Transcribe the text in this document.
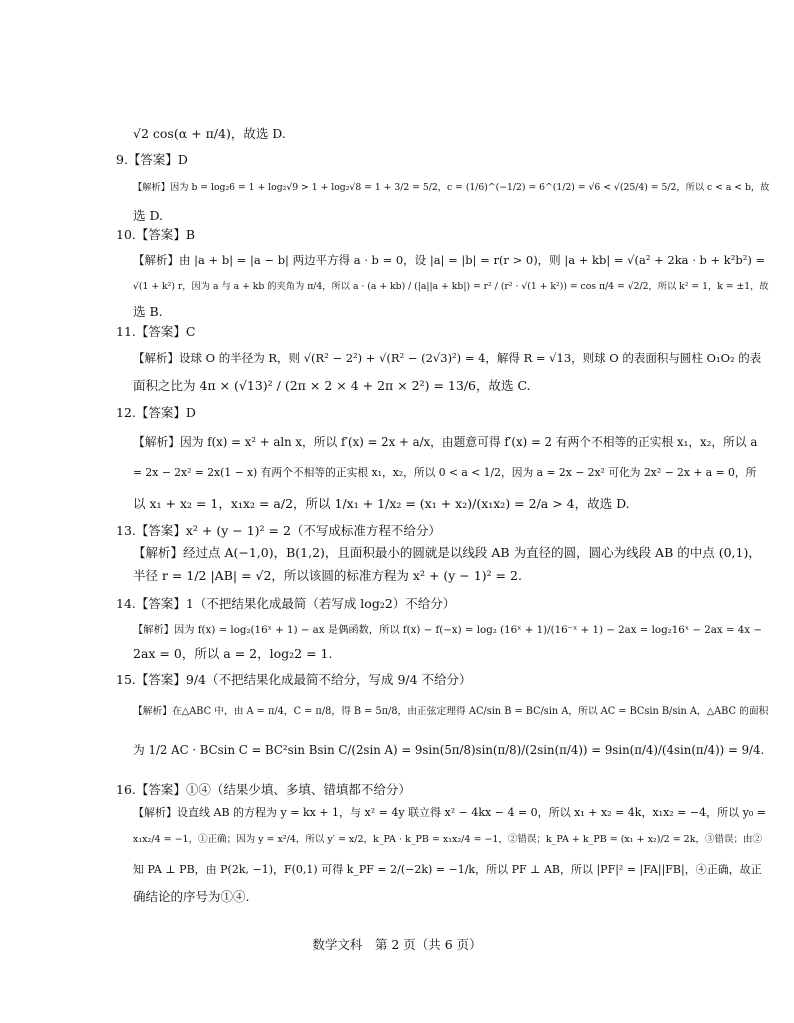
√2 cos(α + π/4)，故选 D.
9.【答案】D
【解析】因为 b = log₂6 = 1 + log₂√9 > 1 + log₂√8 = 1 + 3/2 = 5/2，c = (1/6)^(−1/2) = 6^(1/2) = √6 < √(25/4) = 5/2，所以 c < a < b，故
选 D.
10.【答案】B
【解析】由 |a + b| = |a − b| 两边平方得 a · b = 0，设 |a| = |b| = r(r > 0)，则 |a + kb| = √(a² + 2ka · b + k²b²) =
√(1 + k²) r，因为 a 与 a + kb 的夹角为 π/4，所以 a · (a + kb) / (|a||a + kb|) = r² / (r² · √(1 + k²)) = cos π/4 = √2/2，所以 k² = 1，k = ±1，故
选 B.
11.【答案】C
【解析】设球 O 的半径为 R，则 √(R² − 2²) + √(R² − (2√3)²) = 4，解得 R = √13，则球 O 的表面积与圆柱 O₁O₂ 的表
面积之比为 4π × (√13)² / (2π × 2 × 4 + 2π × 2²) = 13/6，故选 C.
12.【答案】D
【解析】因为 f(x) = x² + aln x，所以 f′(x) = 2x + a/x，由题意可得 f′(x) = 2 有两个不相等的正实根 x₁，x₂，所以 a
= 2x − 2x² = 2x(1 − x) 有两个不相等的正实根 x₁，x₂，所以 0 < a < 1/2，因为 a = 2x − 2x² 可化为 2x² − 2x + a = 0，所
以 x₁ + x₂ = 1，x₁x₂ = a/2，所以 1/x₁ + 1/x₂ = (x₁ + x₂)/(x₁x₂) = 2/a > 4，故选 D.
13.【答案】x² + (y − 1)² = 2（不写成标准方程不给分）
【解析】经过点 A(−1,0)，B(1,2)，且面积最小的圆就是以线段 AB 为直径的圆，圆心为线段 AB 的中点 (0,1)，
半径 r = 1/2 |AB| = √2，所以该圆的标准方程为 x² + (y − 1)² = 2.
14.【答案】1（不把结果化成最简（若写成 log₂2）不给分）
【解析】因为 f(x) = log₂(16ˣ + 1) − ax 是偶函数，所以 f(x) − f(−x) = log₂ (16ˣ + 1)/(16⁻ˣ + 1) − 2ax = log₂16ˣ − 2ax = 4x −
2ax = 0，所以 a = 2，log₂2 = 1.
15.【答案】9/4（不把结果化成最简不给分，写成 9/4 不给分）
【解析】在△ABC 中，由 A = π/4，C = π/8，得 B = 5π/8，由正弦定理得 AC/sin B = BC/sin A，所以 AC = BCsin B/sin A，△ABC 的面积
为 1/2 AC · BCsin C = BC²sin Bsin C/(2sin A) = 9sin(5π/8)sin(π/8)/(2sin(π/4)) = 9sin(π/4)/(4sin(π/4)) = 9/4.
16.【答案】①④（结果少填、多填、错填都不给分）
【解析】设直线 AB 的方程为 y = kx + 1，与 x² = 4y 联立得 x² − 4kx − 4 = 0，所以 x₁ + x₂ = 4k，x₁x₂ = −4，所以 y₀ =
x₁x₂/4 = −1，①正确；因为 y = x²/4，所以 y′ = x/2，k_PA · k_PB = x₁x₂/4 = −1，②错误；k_PA + k_PB = (x₁ + x₂)/2 = 2k，③错误；由②
知 PA ⊥ PB，由 P(2k, −1)，F(0,1) 可得 k_PF = 2/(−2k) = −1/k，所以 PF ⊥ AB，所以 |PF|² = |FA||FB|，④正确，故正
确结论的序号为①④.
数学文科　第 2 页（共 6 页）
